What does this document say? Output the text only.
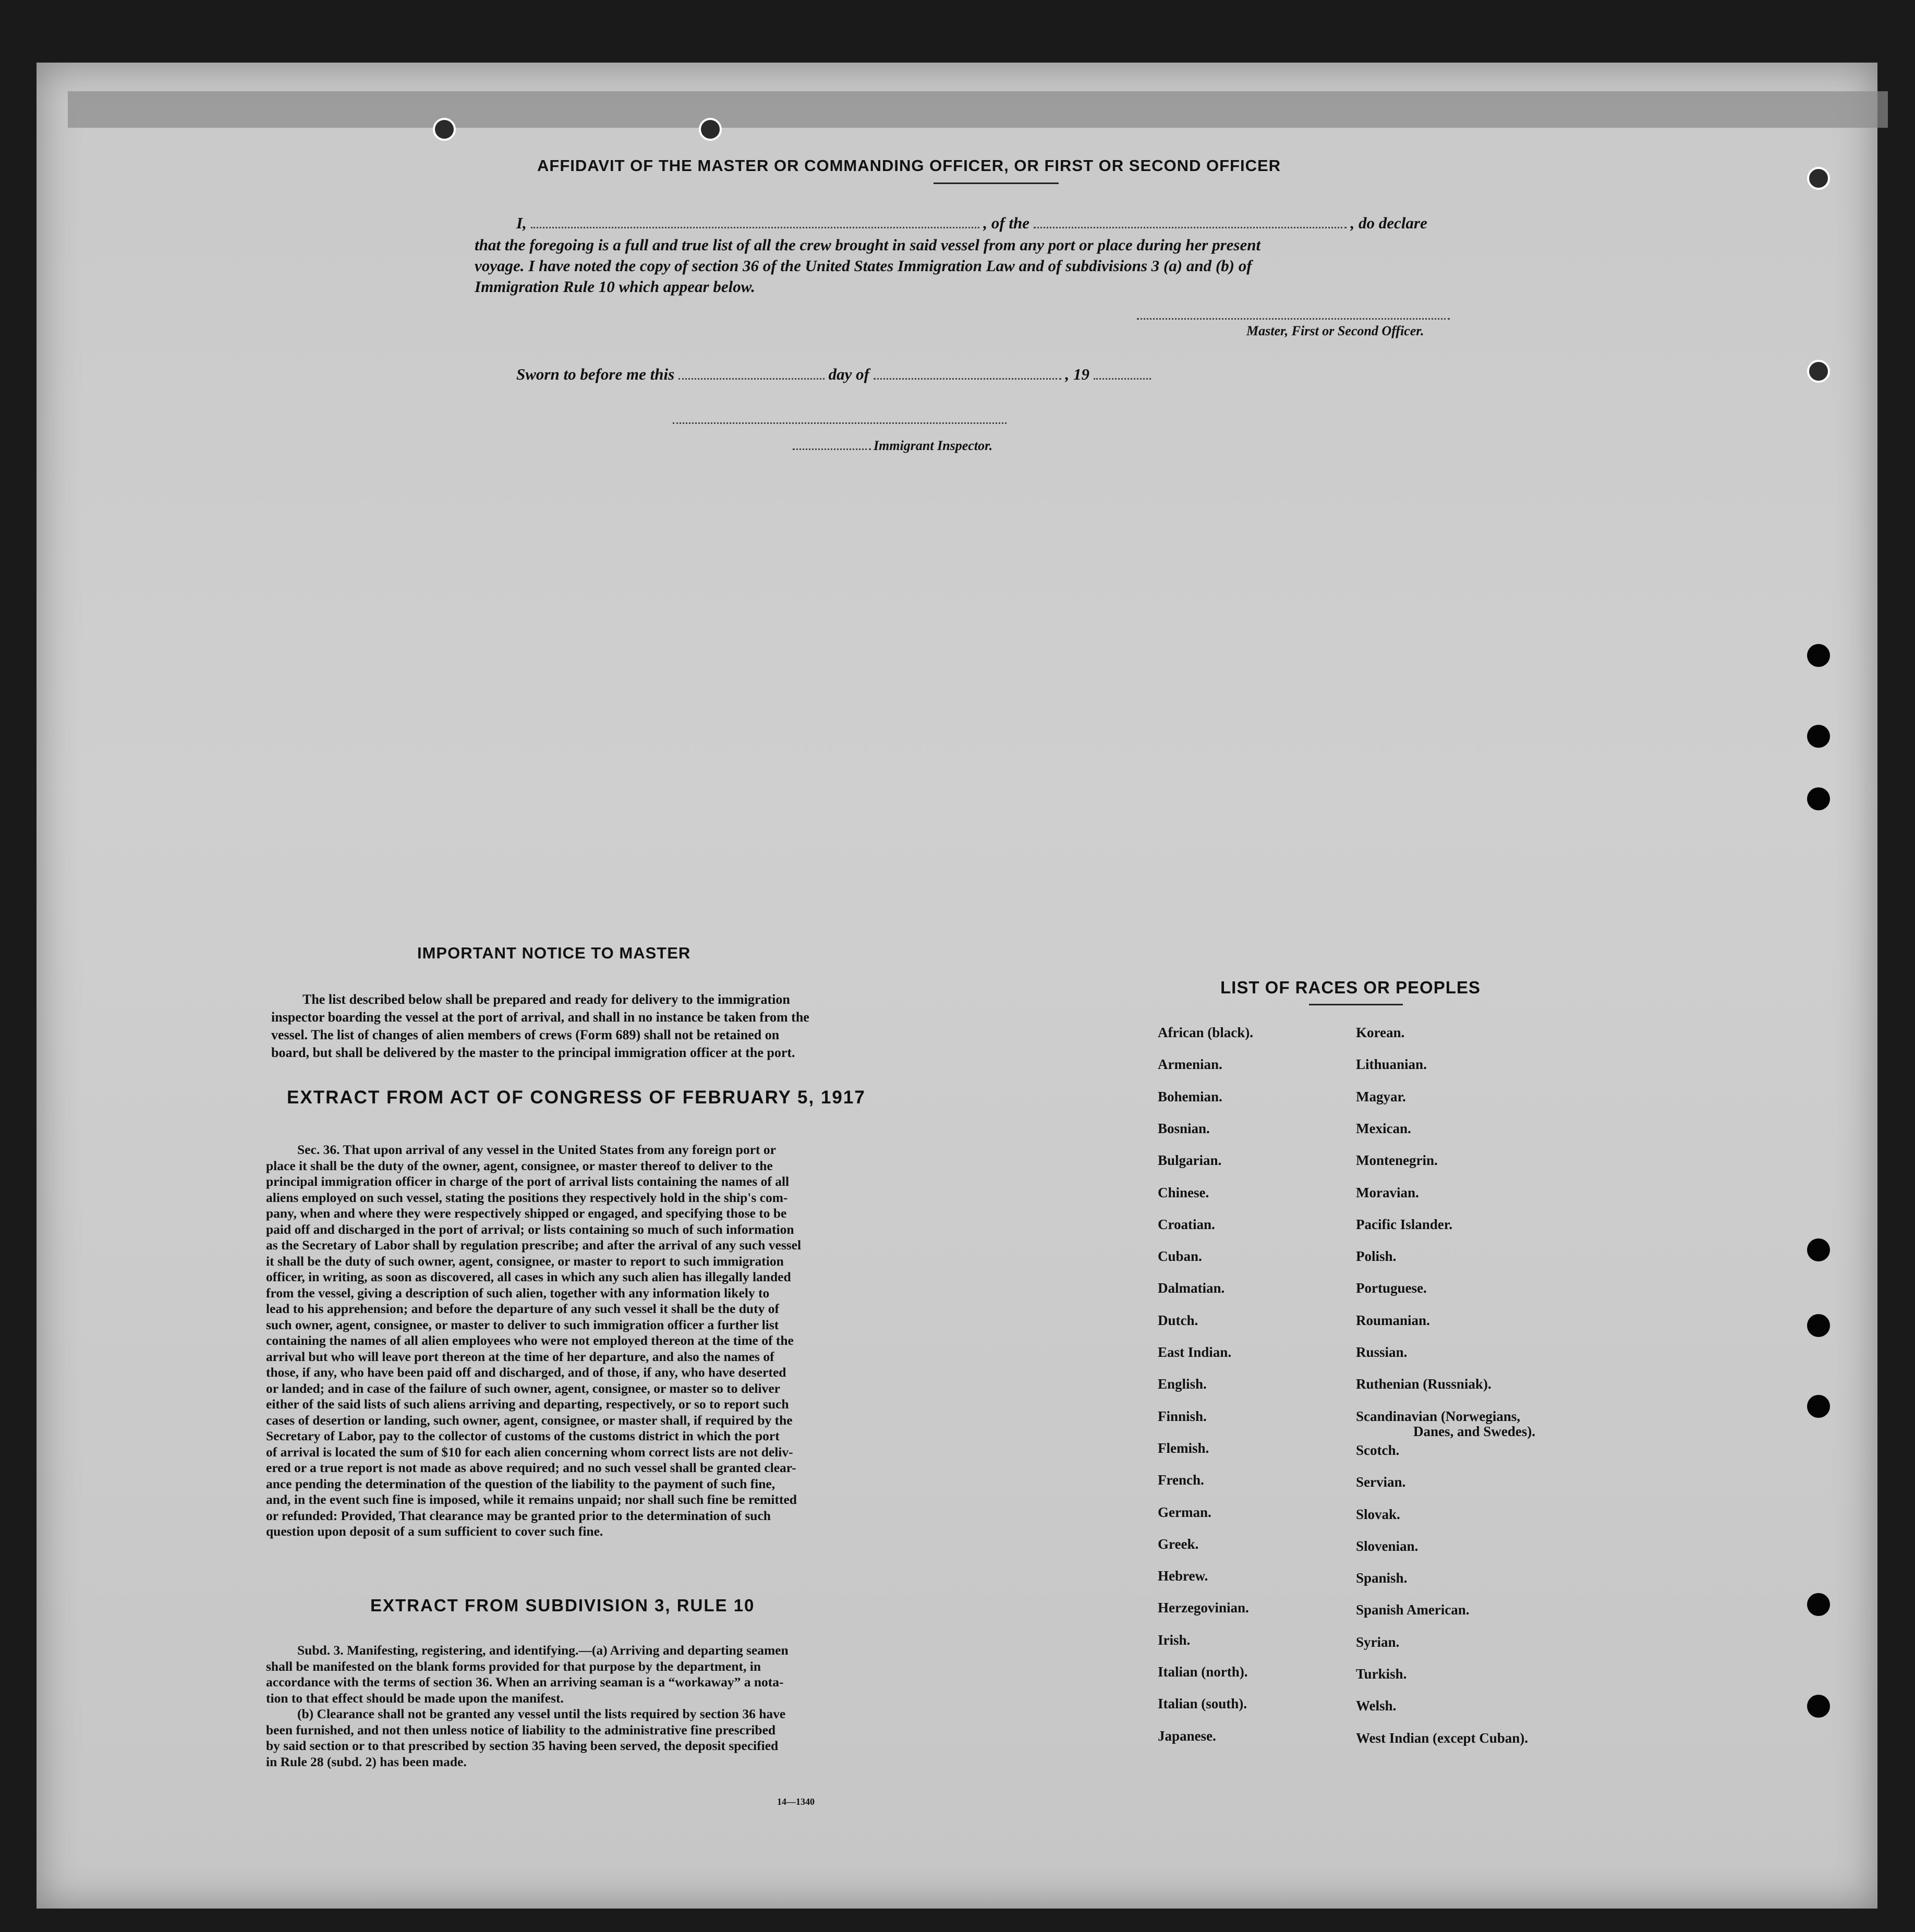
AFFIDAVIT OF THE MASTER OR COMMANDING OFFICER, OR FIRST OR SECOND OFFICER
I,	, of the	, do declare
that the foregoing is a full and true list of all the crew brought in said vessel from any port or place during her present
voyage. I have noted the copy of section 36 of the United States Immigration Law and of subdivisions 3 (a) and (b) of
Immigration Rule 10 which appear below.
Master, First or Second Officer.
Sworn to before me this	day of	, 19
Immigrant Inspector.
IMPORTANT NOTICE TO MASTER
The list described below shall be prepared and ready for delivery to the immigration
inspector boarding the vessel at the port of arrival, and shall in no instance be taken from the
vessel. The list of changes of alien members of crews (Form 689) shall not be retained on
board, but shall be delivered by the master to the principal immigration officer at the port.
EXTRACT FROM ACT OF CONGRESS OF FEBRUARY 5, 1917
Sec. 36. That upon arrival of any vessel in the United States from any foreign port or
place it shall be the duty of the owner, agent, consignee, or master thereof to deliver to the
principal immigration officer in charge of the port of arrival lists containing the names of all
aliens employed on such vessel, stating the positions they respectively hold in the ship's com-
pany, when and where they were respectively shipped or engaged, and specifying those to be
paid off and discharged in the port of arrival; or lists containing so much of such information
as the Secretary of Labor shall by regulation prescribe; and after the arrival of any such vessel
it shall be the duty of such owner, agent, consignee, or master to report to such immigration
officer, in writing, as soon as discovered, all cases in which any such alien has illegally landed
from the vessel, giving a description of such alien, together with any information likely to
lead to his apprehension; and before the departure of any such vessel it shall be the duty of
such owner, agent, consignee, or master to deliver to such immigration officer a further list
containing the names of all alien employees who were not employed thereon at the time of the
arrival but who will leave port thereon at the time of her departure, and also the names of
those, if any, who have been paid off and discharged, and of those, if any, who have deserted
or landed; and in case of the failure of such owner, agent, consignee, or master so to deliver
either of the said lists of such aliens arriving and departing, respectively, or so to report such
cases of desertion or landing, such owner, agent, consignee, or master shall, if required by the
Secretary of Labor, pay to the collector of customs of the customs district in which the port
of arrival is located the sum of $10 for each alien concerning whom correct lists are not deliv-
ered or a true report is not made as above required; and no such vessel shall be granted clear-
ance pending the determination of the question of the liability to the payment of such fine,
and, in the event such fine is imposed, while it remains unpaid; nor shall such fine be remitted
or refunded: Provided, That clearance may be granted prior to the determination of such
question upon deposit of a sum sufficient to cover such fine.
EXTRACT FROM SUBDIVISION 3, RULE 10
Subd. 3. Manifesting, registering, and identifying.—(a) Arriving and departing seamen
shall be manifested on the blank forms provided for that purpose by the department, in
accordance with the terms of section 36. When an arriving seaman is a “workaway” a nota-
tion to that effect should be made upon the manifest.
(b) Clearance shall not be granted any vessel until the lists required by section 36 have
been furnished, and not then unless notice of liability to the administrative fine prescribed
by said section or to that prescribed by section 35 having been served, the deposit specified
in Rule 28 (subd. 2) has been made.
14—1340
LIST OF RACES OR PEOPLES
African (black).
Armenian.
Bohemian.
Bosnian.
Bulgarian.
Chinese.
Croatian.
Cuban.
Dalmatian.
Dutch.
East Indian.
English.
Finnish.
Flemish.
French.
German.
Greek.
Hebrew.
Herzegovinian.
Irish.
Italian (north).
Italian (south).
Japanese.
Korean.
Lithuanian.
Magyar.
Mexican.
Montenegrin.
Moravian.
Pacific Islander.
Polish.
Portuguese.
Roumanian.
Russian.
Ruthenian (Russniak).
Scandinavian (Norwegians,
Scotch.
Servian.
Slovak.
Slovenian.
Spanish.
Spanish American.
Syrian.
Turkish.
Welsh.
West Indian (except Cuban).
Danes, and Swedes).
